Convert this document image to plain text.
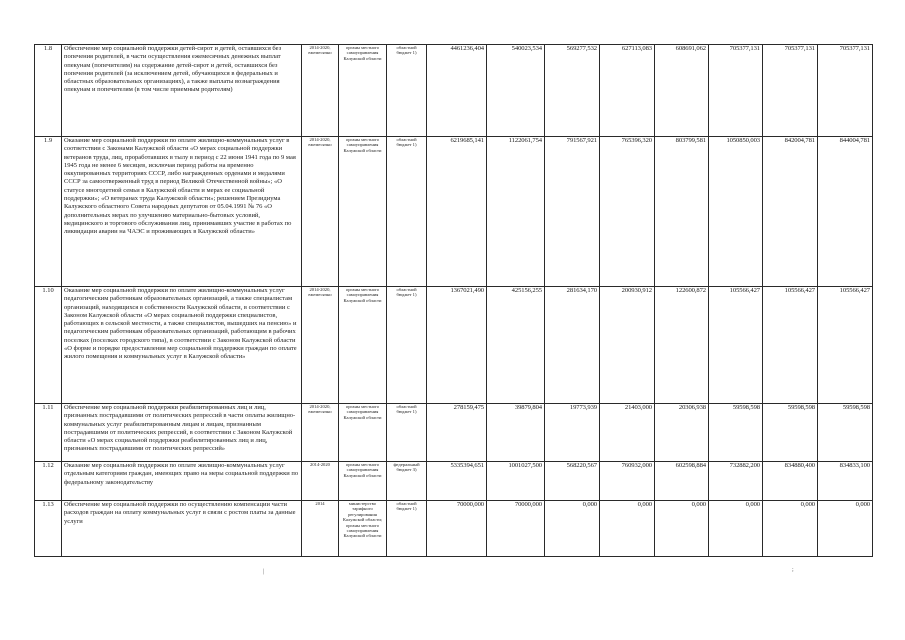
1.8	Обеспечение мер социальной поддержки детей-сирот и детей, оставшихся без попечения родителей, в части осуществления ежемесячных денежных выплат опекунам (попечителям) на содержание детей-сирот и детей, оставшихся без попечения родителей (за исключением детей, обучающихся в федеральных и областных образовательных организациях), а также выплаты вознаграждения опекунам и попечителям (в том числе приемным родителям)	2014-2020, ежемесячно	органы местного самоуправления Калужской области	областной бюджет 1)	4461236,404	540023,534	569277,532	627113,083	608691,062	705377,131	705377,131	705377,131
1.9	Оказание мер социальной поддержки по оплате жилищно-коммунальных услуг в соответствии с Законами Калужской области «О мерах социальной поддержки ветеранов труда, лиц, проработавших в тылу в период с 22 июня 1941 года по 9 мая 1945 года не менее 6 месяцев, исключая период работы на временно оккупированных территориях СССР, либо награжденных орденами и медалями СССР за самоотверженный труд в период Великой Отечественной войны»; «О статусе многодетной семьи в Калужской области и мерах ее социальной поддержки»; «О ветеранах труда Калужской области»; решением Президиума Калужского областного Совета народных депутатов от 05.04.1991 № 76 «О дополнительных мерах по улучшению материально-бытовых условий, медицинского и торгового обслуживания лиц, принимавших участие в работах по ликвидации аварии на ЧАЭС и проживающих в Калужской области»	2014-2020, ежемесячно	органы местного самоуправления Калужской области	областной бюджет 1)	6219685,141	1122061,754	791567,921	765396,320	803799,581	1050850,003	842004,781	844004,781
1.10	Оказание мер социальной поддержки по оплате жилищно-коммунальных услуг педагогическим работникам образовательных организаций, а также специалистам организаций, находящихся в собственности Калужской области, в соответствии с Законом Калужской области «О мерах социальной поддержки специалистов, работающих в сельской местности, а также специалистов, вышедших на пенсию» и педагогическим работникам образовательных организаций, работающим в рабочих поселках (поселках городского типа), в соответствии с Законом Калужской области «О форме и порядке предоставления мер социальной поддержки граждан по оплате жилого помещения и коммунальных услуг в Калужской области»	2014-2020, ежемесячно	органы местного самоуправления Калужской области	областной бюджет 1)	1367021,490	425156,255	281634,170	200930,912	122600,872	105566,427	105566,427	105566,427
1.11	Обеспечение мер социальной поддержки реабилитированных лиц и лиц, признанных пострадавшими от политических репрессий в части оплаты жилищно-коммунальных услуг реабилитированным лицам и лицам, признанным пострадавшими от политических репрессий, в соответствии с Законом Калужской области «О мерах социальной поддержки реабилитированных лиц и лиц, признанных пострадавшими от политических репрессий»	2014-2020, ежемесячно	органы местного самоуправления Калужской области	областной бюджет 1)	278159,475	39879,804	19773,939	21403,000	20306,938	59598,598	59598,598	59598,598
1.12	Оказание мер социальной поддержки по оплате жилищно-коммунальных услуг отдельным категориям граждан, имеющих право на меры социальной поддержки по федеральному законодательству	2014-2020	органы местного самоуправления Калужской области	федеральный бюджет 3)	5335394,651	1001027,500	568220,567	760932,000	602598,884	732882,200	834880,400	834833,100
1.13	Обеспечение мер социальной поддержки по осуществлению компенсации части расходов граждан на оплату коммунальных услуг в связи с ростом платы за данные услуги	2014	министерство тарифного регулирования Калужской области; органы местного самоуправления Калужской области	областной бюджет 1)	70000,000	70000,000	0,000	0,000	0,000	0,000	0,000	0,000
|	;
